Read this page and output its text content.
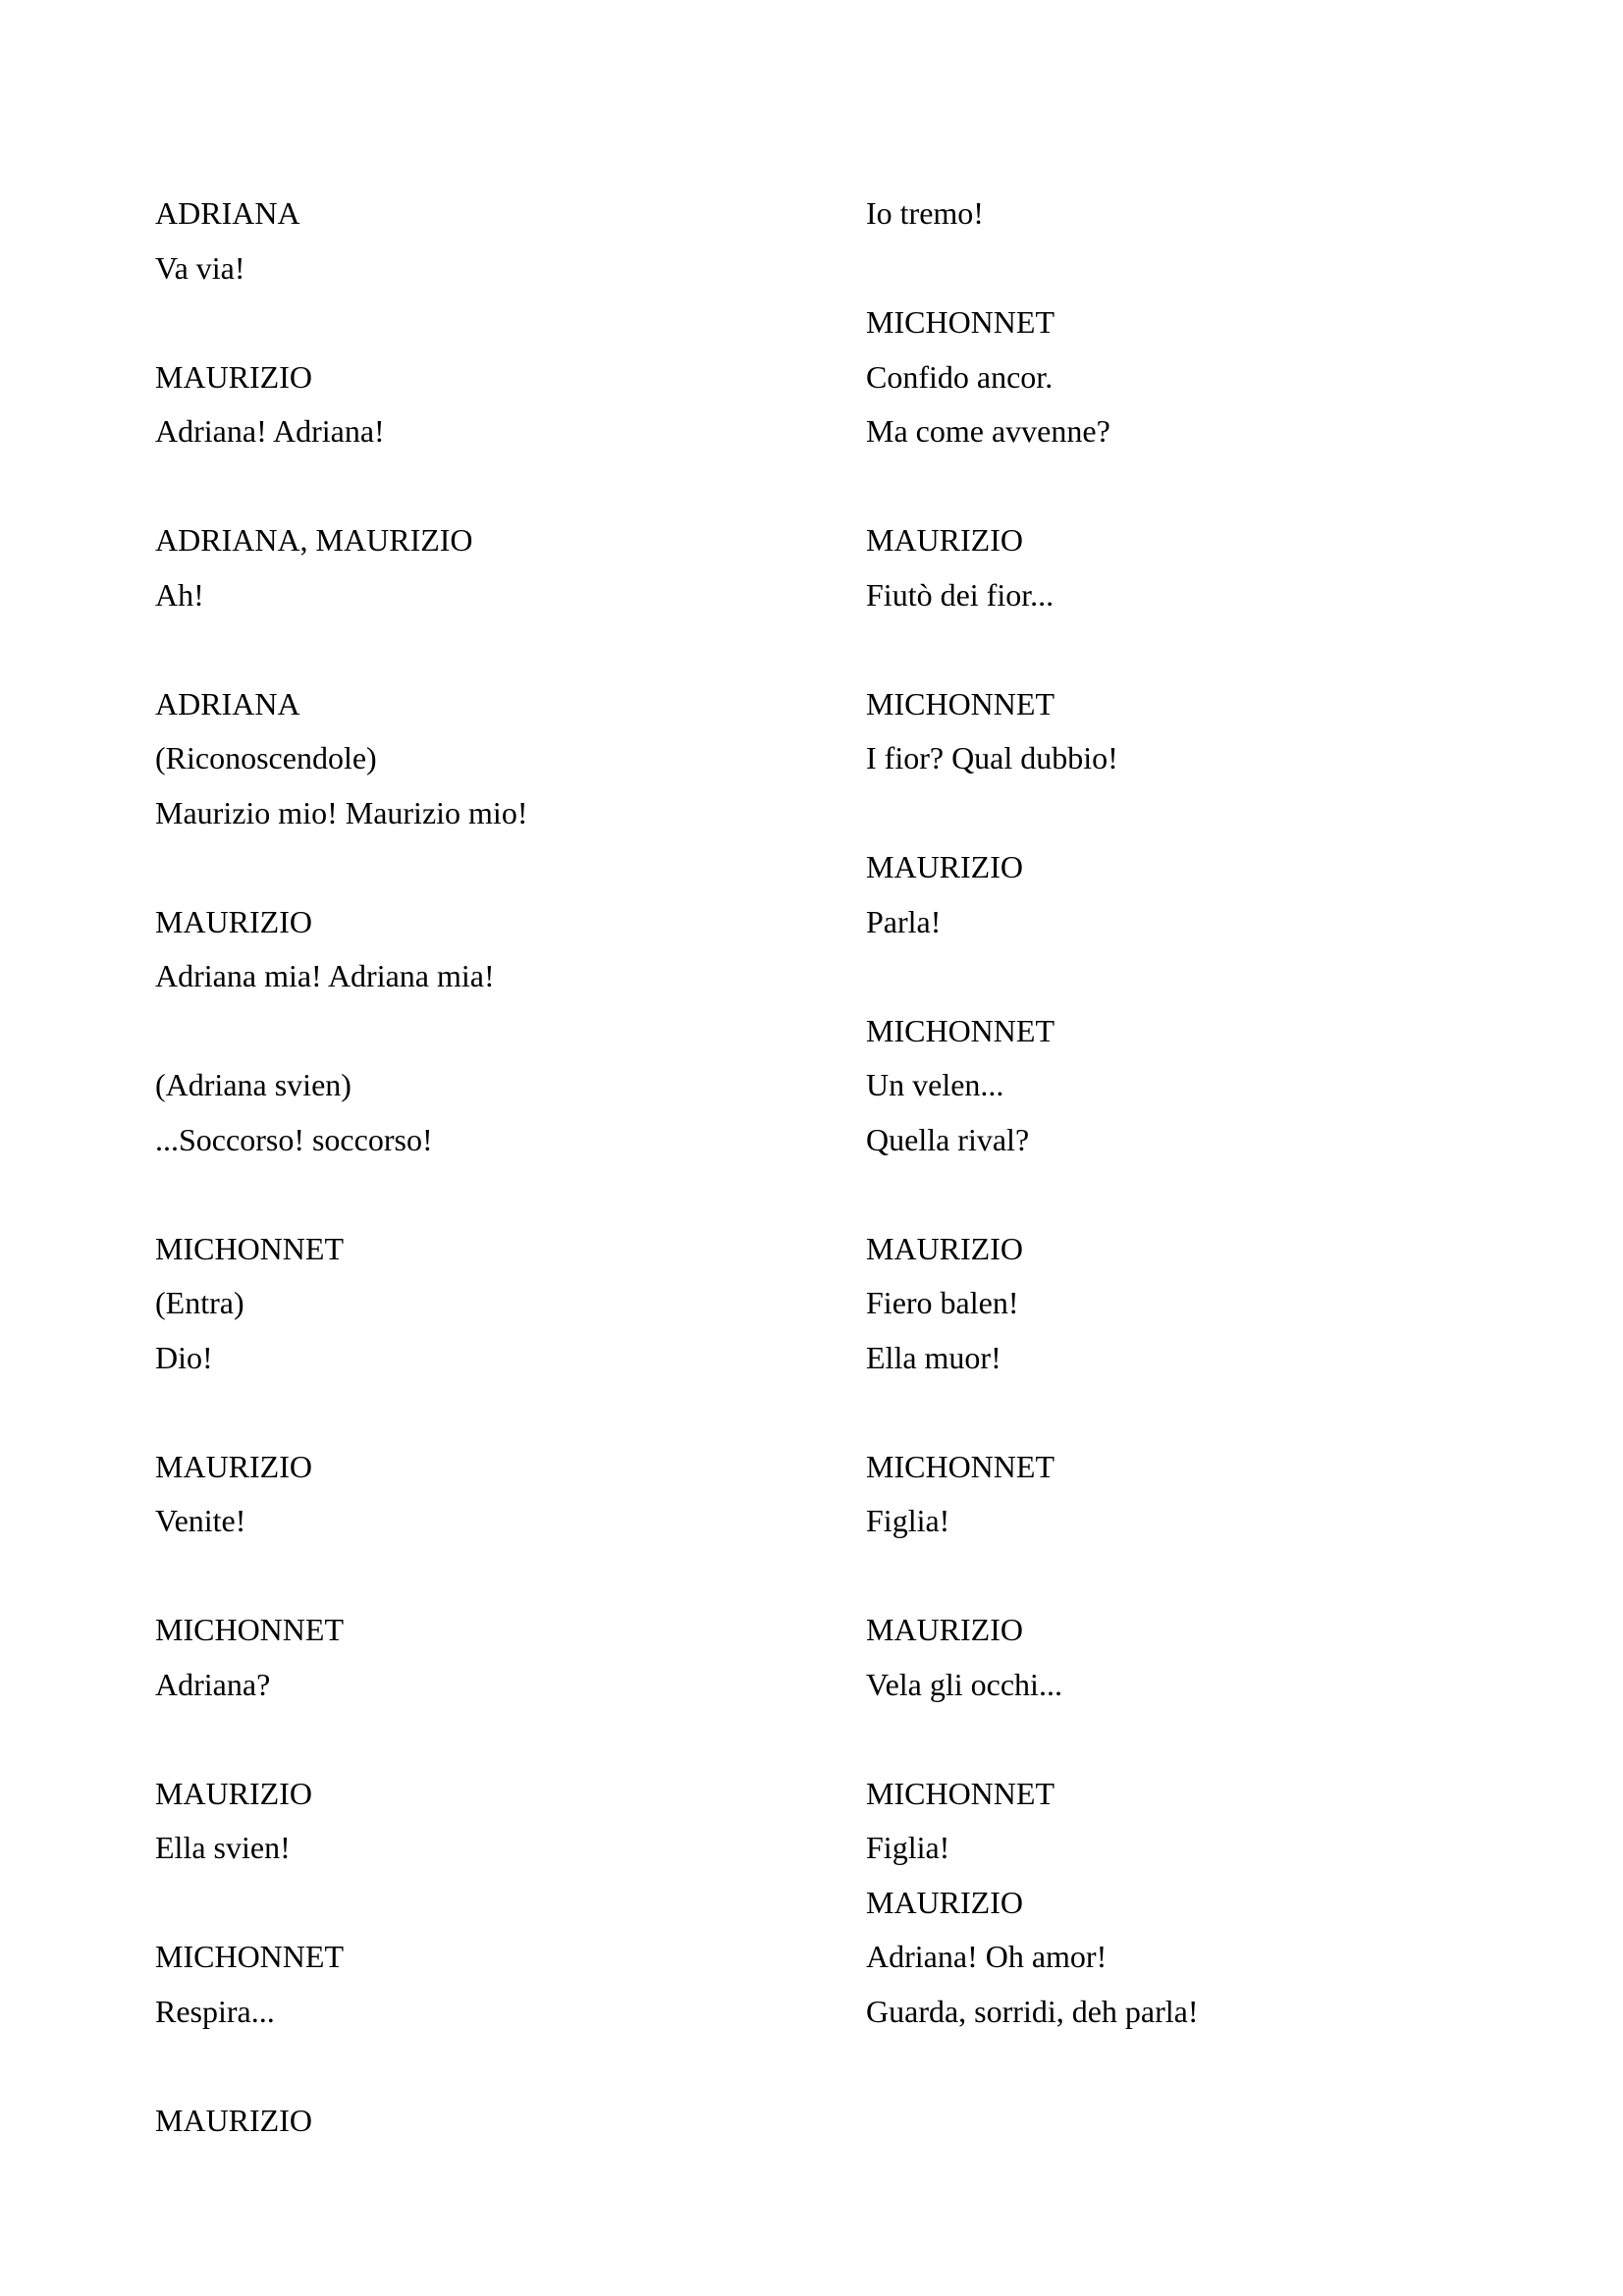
ADRIANA
Va via!
MAURIZIO
Adriana! Adriana!
ADRIANA, MAURIZIO
Ah!
ADRIANA
(Riconoscendole)
Maurizio mio! Maurizio mio!
MAURIZIO
Adriana mia! Adriana mia!
(Adriana svien)
...Soccorso! soccorso!
MICHONNET
(Entra)
Dio!
MAURIZIO
Venite!
MICHONNET
Adriana?
MAURIZIO
Ella svien!
MICHONNET
Respira...
MAURIZIO
Io tremo!
MICHONNET
Confido ancor.
Ma come avvenne?
MAURIZIO
Fiutò dei fior...
MICHONNET
I fior? Qual dubbio!
MAURIZIO
Parla!
MICHONNET
Un velen...
Quella rival?
MAURIZIO
Fiero balen!
Ella muor!
MICHONNET
Figlia!
MAURIZIO
Vela gli occhi...
MICHONNET
Figlia!
MAURIZIO
Adriana! Oh amor!
Guarda, sorridi, deh parla!
